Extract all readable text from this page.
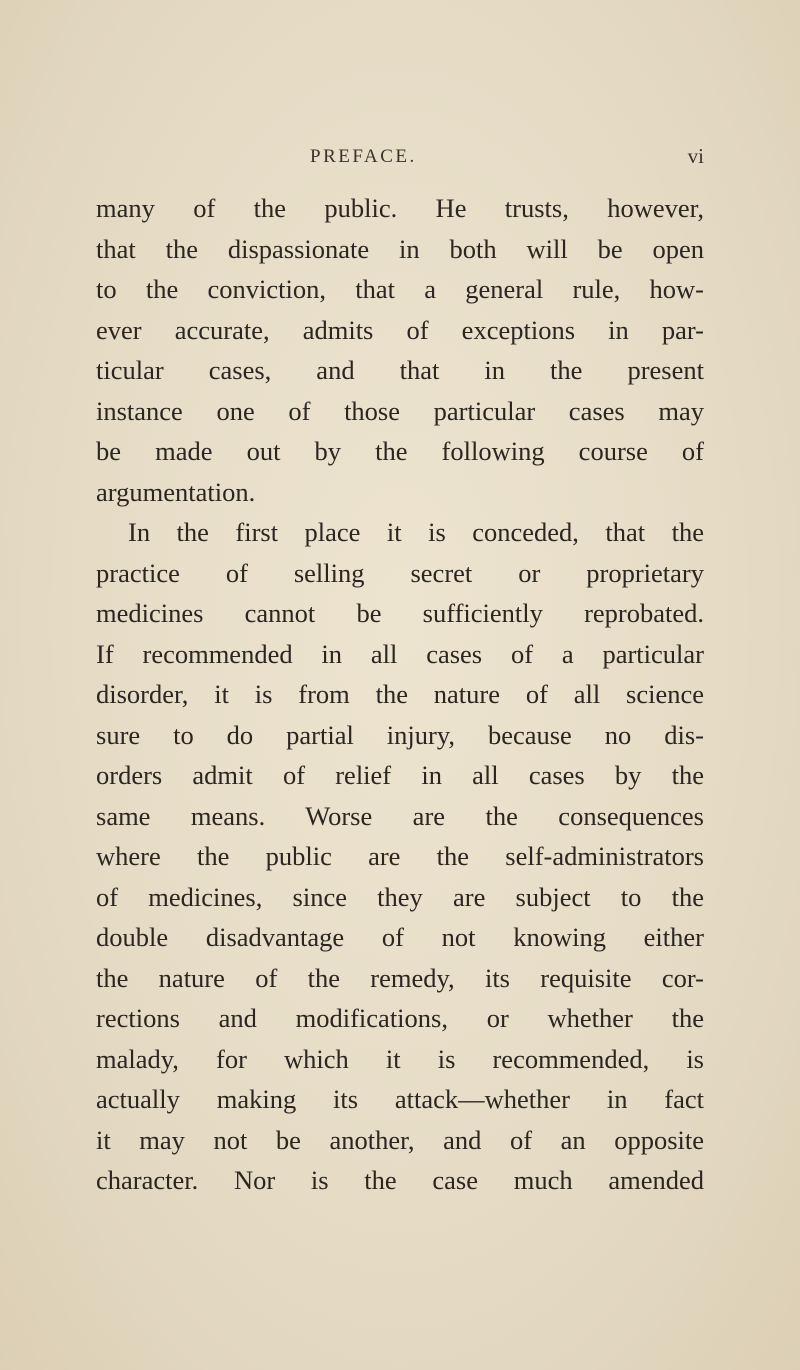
PREFACE.	vi
many of the public. He trusts, however,
that the dispassionate in both will be open
to the conviction, that a general rule, how-
ever accurate, admits of exceptions in par-
ticular cases, and that in the present
instance one of those particular cases may
be made out by the following course of
argumentation.
In the first place it is conceded, that the
practice of selling secret or proprietary
medicines cannot be sufficiently reprobated.
If recommended in all cases of a particular
disorder, it is from the nature of all science
sure to do partial injury, because no dis-
orders admit of relief in all cases by the
same means. Worse are the consequences
where the public are the self-administrators
of medicines, since they are subject to the
double disadvantage of not knowing either
the nature of the remedy, its requisite cor-
rections and modifications, or whether the
malady, for which it is recommended, is
actually making its attack—whether in fact
it may not be another, and of an opposite
character. Nor is the case much amended
